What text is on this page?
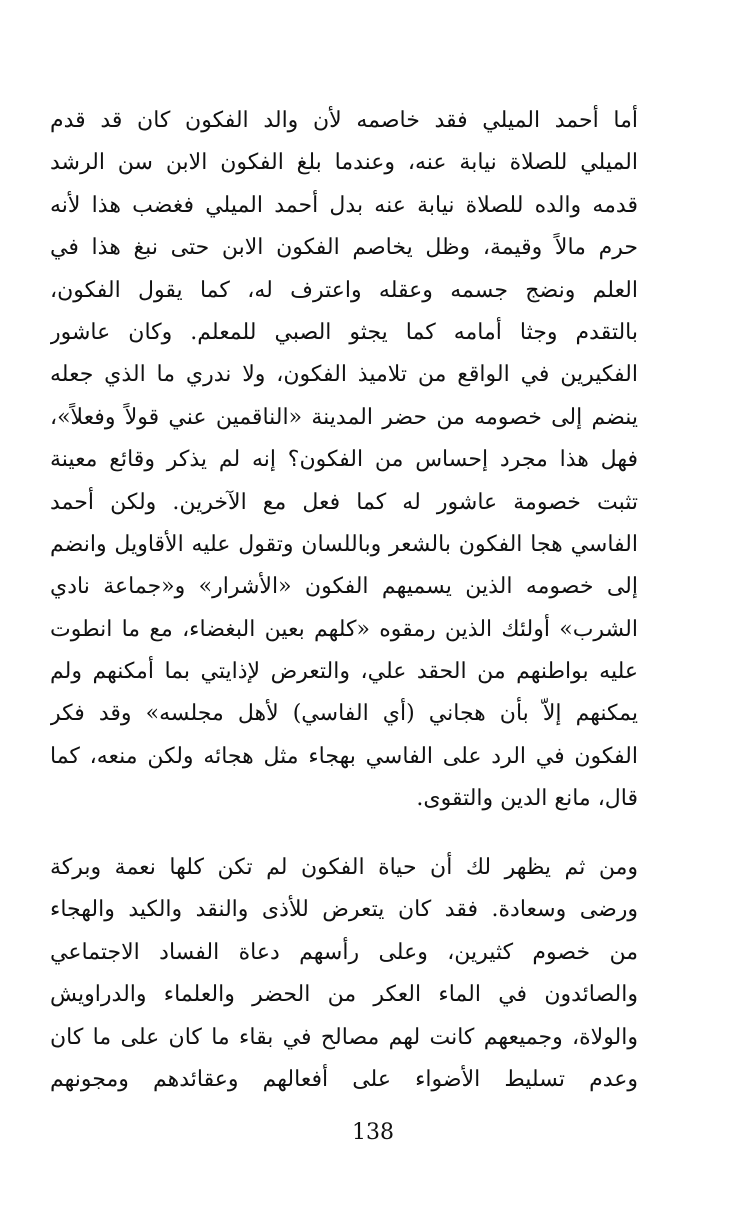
أما أحمد الميلي فقد خاصمه لأن والد الفكون كان قد قدم
الميلي للصلاة نيابة عنه، وعندما بلغ الفكون الابن سن الرشد
قدمه والده للصلاة نيابة عنه بدل أحمد الميلي فغضب هذا لأنه
حرم مالاً وقيمة، وظل يخاصم الفكون الابن حتى نبغ هذا في
العلم ونضج جسمه وعقله واعترف له، كما يقول الفكون،
بالتقدم وجثا أمامه كما يجثو الصبي للمعلم. وكان عاشور
الفكيرين في الواقع من تلاميذ الفكون، ولا ندري ما الذي جعله
ينضم إلى خصومه من حضر المدينة «الناقمين عني قولاً وفعلاً»،
فهل هذا مجرد إحساس من الفكون؟ إنه لم يذكر وقائع معينة
تثبت خصومة عاشور له كما فعل مع الآخرين. ولكن أحمد
الفاسي هجا الفكون بالشعر وباللسان وتقول عليه الأقاويل وانضم
إلى خصومه الذين يسميهم الفكون «الأشرار» و«جماعة نادي
الشرب» أولئك الذين رمقوه «كلهم بعين البغضاء، مع ما انطوت
عليه بواطنهم من الحقد علي، والتعرض لإذايتي بما أمكنهم ولم
يمكنهم إلاّ بأن هجاني (أي الفاسي) لأهل مجلسه» وقد فكر
الفكون في الرد على الفاسي بهجاء مثل هجائه ولكن منعه، كما
قال، مانع الدين والتقوى.
ومن ثم يظهر لك أن حياة الفكون لم تكن كلها نعمة وبركة
ورضى وسعادة. فقد كان يتعرض للأذى والنقد والكيد والهجاء
من خصوم كثيرين، وعلى رأسهم دعاة الفساد الاجتماعي
والصائدون في الماء العكر من الحضر والعلماء والدراويش
والولاة، وجميعهم كانت لهم مصالح في بقاء ما كان على ما كان
وعدم تسليط الأضواء على أفعالهم وعقائدهم ومجونهم
138
